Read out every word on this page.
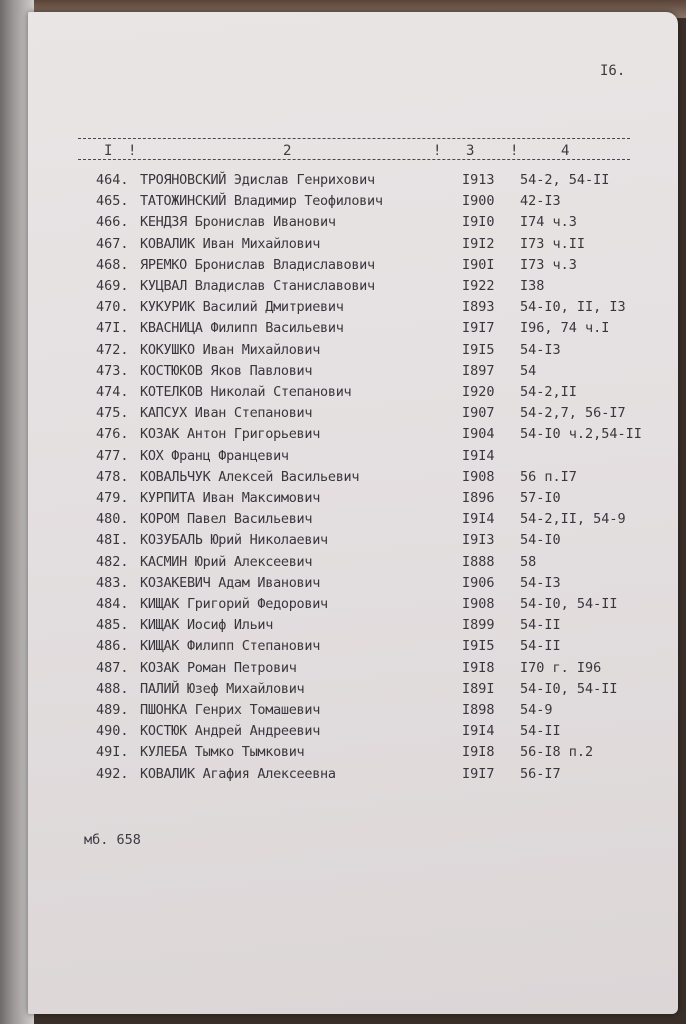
I6.
I !	2	! 3	!	4
464. ТРОЯНОВСКИЙ Эдислав Генрихович	I913 54-2, 54-II
465. ТАТОЖИНСКИЙ Владимир Теофилович	I900 42-I3
466. КЕНДЗЯ Бронислав Иванович	I9I0 I74 ч.3
467. КОВАЛИК Иван Михайлович	I9I2 I73 ч.II
468. ЯРЕМКО Бронислав Владиславович	I90I I73 ч.3
469. КУЦВАЛ Владислав Станиславович	I922 I38
470. КУКУРИК Василий Дмитриевич	I893 54-I0, II, I3
47I. КВАСНИЦА Филипп Васильевич	I9I7 I96, 74 ч.I
472. КОКУШКО Иван Михайлович	I9I5 54-I3
473. КОСТЮКОВ Яков Павлович	I897 54
474. КОТЕЛКОВ Николай Степанович	I920 54-2,II
475. КАПСУХ Иван Степанович	I907 54-2,7, 56-I7
476. КОЗАК Антон Григорьевич	I904 54-I0 ч.2,54-II
477. КОХ Франц Францевич	I9I4
478. КОВАЛЬЧУК Алексей Васильевич	I908 56 п.I7
479. КУРПИТА Иван Максимович	I896 57-I0
480. КОРОМ Павел Васильевич	I9I4 54-2,II, 54-9
48I. КОЗУБАЛЬ Юрий Николаевич	I9I3 54-I0
482. КАСМИН Юрий Алексеевич	I888 58
483. КОЗАКЕВИЧ Адам Иванович	I906 54-I3
484. КИЩАК Григорий Федорович	I908 54-I0, 54-II
485. КИЩАК Иосиф Ильич	I899 54-II
486. КИЩАК Филипп Степанович	I9I5 54-II
487. КОЗАК Роман Петрович	I9I8 I70 г. I96
488. ПАЛИЙ Юзеф Михайлович	I89I 54-I0, 54-II
489. ПШОНКА Генрих Томашевич	I898 54-9
490. КОСТЮК Андрей Андреевич	I9I4 54-II
49I. КУЛЕБА Тымко Тымкович	I9I8 56-I8 п.2
492. КОВАЛИК Агафия Алексеевна	I9I7 56-I7
мб. 658
